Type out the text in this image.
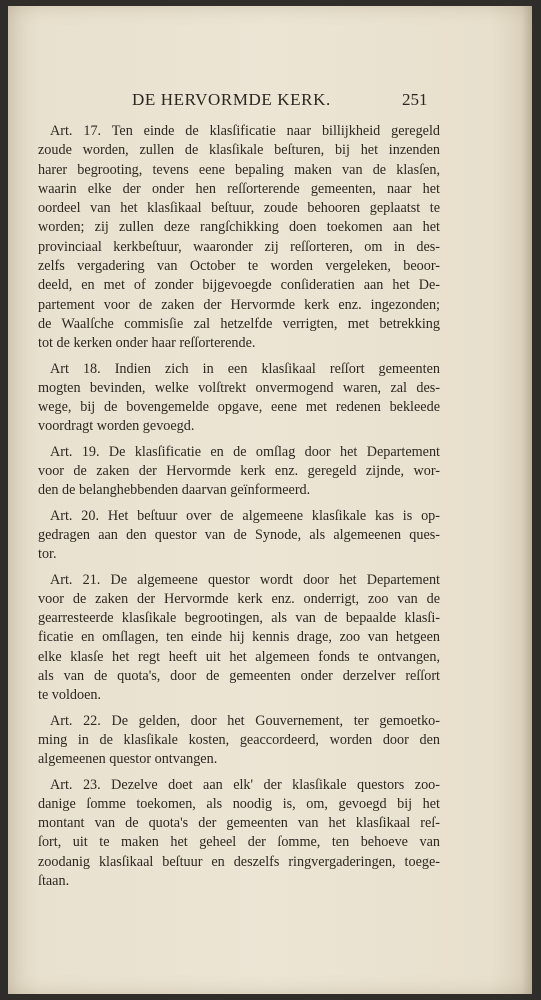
DE HERVORMDE KERK.	251
Art. 17. Ten einde de klasſificatie naar billijkheid geregeld
zoude worden, zullen de klasſikale beſturen, bij het inzenden
harer begrooting, tevens eene bepaling maken van de klasſen,
waarin elke der onder hen reſſorterende gemeenten, naar het
oordeel van het klasſikaal beſtuur, zoude behooren geplaatst te
worden; zij zullen deze rangſchikking doen toekomen aan het
provinciaal kerkbeſtuur, waaronder zij reſſorteren, om in des-
zelfs vergadering van October te worden vergeleken, beoor-
deeld, en met of zonder bijgevoegde conſideratien aan het De-
partement voor de zaken der Hervormde kerk enz. ingezonden;
de Waalſche commisſie zal hetzelfde verrigten, met betrekking
tot de kerken onder haar reſſorterende.
Art 18. Indien zich in een klasſikaal reſſort gemeenten
mogten bevinden, welke volſtrekt onvermogend waren, zal des-
wege, bij de bovengemelde opgave, eene met redenen bekleede
voordragt worden gevoegd.
Art. 19. De klasſificatie en de omſlag door het Departement
voor de zaken der Hervormde kerk enz. geregeld zijnde, wor-
den de belanghebbenden daarvan geïnformeerd.
Art. 20. Het beſtuur over de algemeene klasſikale kas is op-
gedragen aan den questor van de Synode, als algemeenen ques-
tor.
Art. 21. De algemeene questor wordt door het Departement
voor de zaken der Hervormde kerk enz. onderrigt, zoo van de
gearresteerde klasſikale begrootingen, als van de bepaalde klasſi-
ficatie en omſlagen, ten einde hij kennis drage, zoo van hetgeen
elke klasſe het regt heeft uit het algemeen fonds te ontvangen,
als van de quota's, door de gemeenten onder derzelver reſſort
te voldoen.
Art. 22. De gelden, door het Gouvernement, ter gemoetko-
ming in de klasſikale kosten, geaccordeerd, worden door den
algemeenen questor ontvangen.
Art. 23. Dezelve doet aan elk' der klasſikale questors zoo-
danige ſomme toekomen, als noodig is, om, gevoegd bij het
montant van de quota's der gemeenten van het klasſikaal reſ-
ſort, uit te maken het geheel der ſomme, ten behoeve van
zoodanig klasſikaal beſtuur en deszelfs ringvergaderingen, toege-
ſtaan.
